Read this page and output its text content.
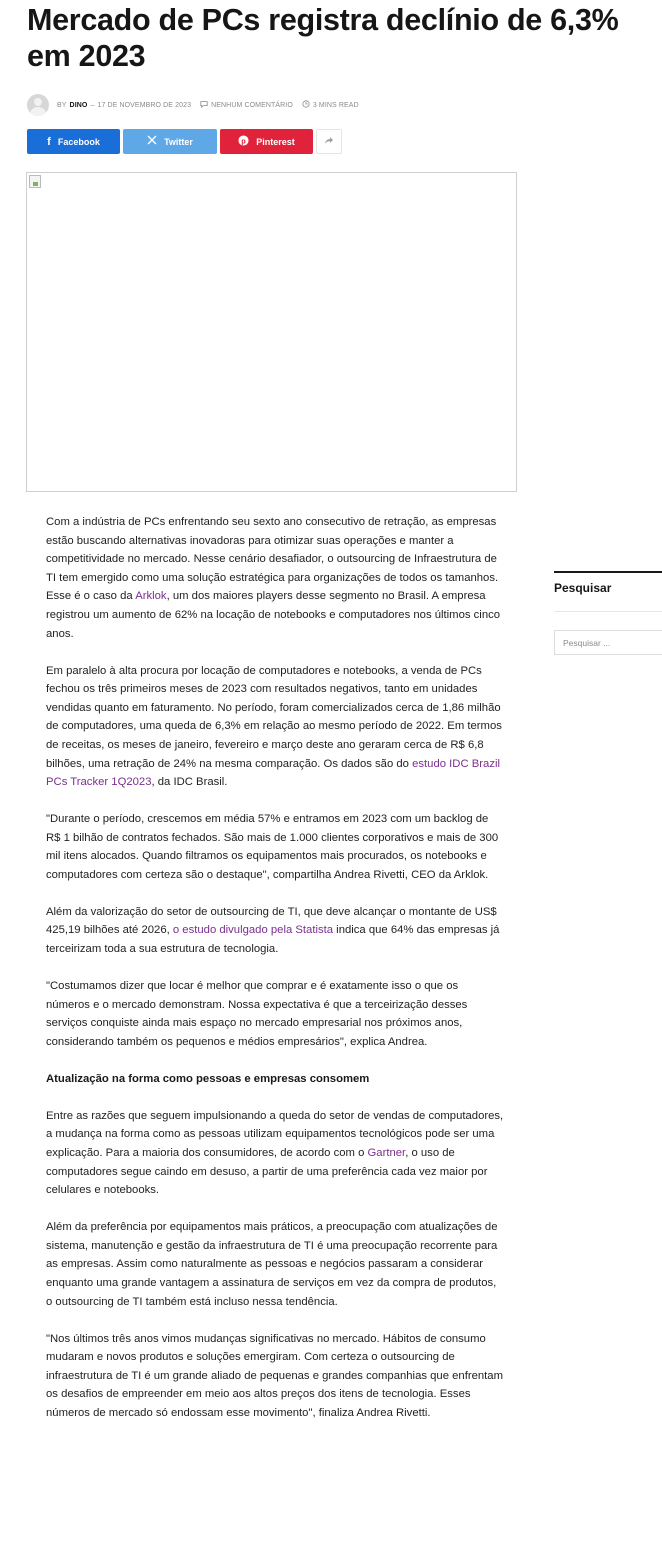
Mercado de PCs registra declínio de 6,3% em 2023
BY DINO – 17 DE NOVEMBRO DE 2023	NENHUM COMENTÁRIO	3 MINS READ
f Facebook	Twitter	p Pinterest

Com a indústria de PCs enfrentando seu sexto ano consecutivo de retração, as empresas estão buscando alternativas inovadoras para otimizar suas operações e manter a competitividade no mercado. Nesse cenário desafiador, o outsourcing de Infraestrutura de TI tem emergido como uma solução estratégica para organizações de todos os tamanhos. Esse é o caso da Arklok, um dos maiores players desse segmento no Brasil. A empresa registrou um aumento de 62% na locação de notebooks e computadores nos últimos cinco anos.

Em paralelo à alta procura por locação de computadores e notebooks, a venda de PCs fechou os três primeiros meses de 2023 com resultados negativos, tanto em unidades vendidas quanto em faturamento. No período, foram comercializados cerca de 1,86 milhão de computadores, uma queda de 6,3% em relação ao mesmo período de 2022. Em termos de receitas, os meses de janeiro, fevereiro e março deste ano geraram cerca de R$ 6,8 bilhões, uma retração de 24% na mesma comparação. Os dados são do estudo IDC Brazil PCs Tracker 1Q2023, da IDC Brasil.

"Durante o período, crescemos em média 57% e entramos em 2023 com um backlog de R$ 1 bilhão de contratos fechados. São mais de 1.000 clientes corporativos e mais de 300 mil itens alocados. Quando filtramos os equipamentos mais procurados, os notebooks e computadores com certeza são o destaque", compartilha Andrea Rivetti, CEO da Arklok.

Além da valorização do setor de outsourcing de TI, que deve alcançar o montante de US$ 425,19 bilhões até 2026, o estudo divulgado pela Statista indica que 64% das empresas já terceirizam toda a sua estrutura de tecnologia.

"Costumamos dizer que locar é melhor que comprar e é exatamente isso o que os números e o mercado demonstram. Nossa expectativa é que a terceirização desses serviços conquiste ainda mais espaço no mercado empresarial nos próximos anos, considerando também os pequenos e médios empresários", explica Andrea.

Atualização na forma como pessoas e empresas consomem

Entre as razões que seguem impulsionando a queda do setor de vendas de computadores, a mudança na forma como as pessoas utilizam equipamentos tecnológicos pode ser uma explicação. Para a maioria dos consumidores, de acordo com o Gartner, o uso de computadores segue caindo em desuso, a partir de uma preferência cada vez maior por celulares e notebooks.

Além da preferência por equipamentos mais práticos, a preocupação com atualizações de sistema, manutenção e gestão da infraestrutura de TI é uma preocupação recorrente para as empresas. Assim como naturalmente as pessoas e negócios passaram a considerar enquanto uma grande vantagem a assinatura de serviços em vez da compra de produtos, o outsourcing de TI também está incluso nessa tendência.

"Nos últimos três anos vimos mudanças significativas no mercado. Hábitos de consumo mudaram e novos produtos e soluções emergiram. Com certeza o outsourcing de infraestrutura de TI é um grande aliado de pequenas e grandes companhias que enfrentam os desafios de empreender em meio aos altos preços dos itens de tecnologia. Esses números de mercado só endossam esse movimento", finaliza Andrea Rivetti.

Pesquisar
Pesquisar ...
